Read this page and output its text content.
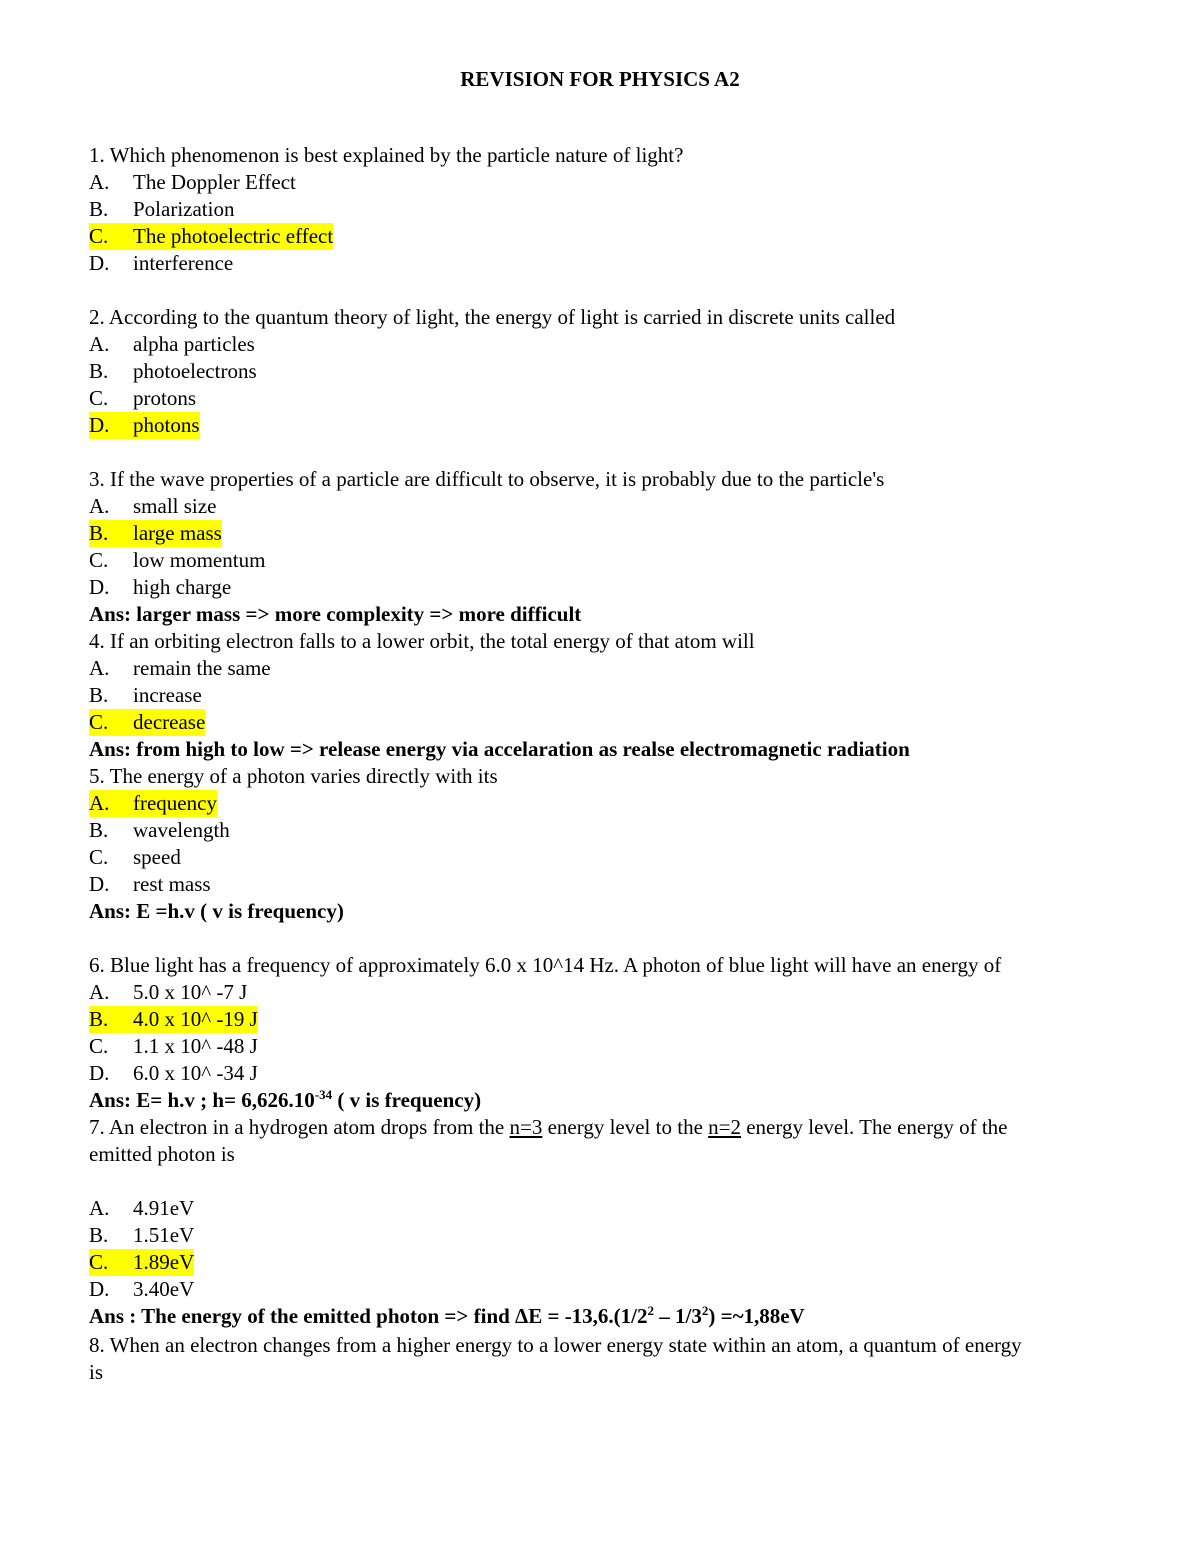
REVISION FOR PHYSICS A2
1. Which phenomenon is best explained by the particle nature of light?
A. The Doppler Effect
B. Polarization
C. The photoelectric effect
D. interference
2. According to the quantum theory of light, the energy of light is carried in discrete units called
A. alpha particles
B. photoelectrons
C. protons
D. photons
3. If the wave properties of a particle are difficult to observe, it is probably due to the particle's
A. small size
B. large mass
C. low momentum
D. high charge
Ans: larger mass => more complexity => more difficult
4. If an orbiting electron falls to a lower orbit, the total energy of that atom will
A. remain the same
B. increase
C. decrease
Ans: from high to low => release energy via accelaration as realse electromagnetic radiation
5. The energy of a photon varies directly with its
A. frequency
B. wavelength
C. speed
D. rest mass
Ans: E =h.v ( v is frequency)
6. Blue light has a frequency of approximately 6.0 x 10^14 Hz. A photon of blue light will have an energy of
A. 5.0 x 10^ -7 J
B. 4.0 x 10^ -19 J
C. 1.1 x 10^ -48 J
D. 6.0 x 10^ -34 J
Ans: E= h.v ; $h= 6,626.10^{-34}$ ( v is frequency)
7. An electron in a hydrogen atom drops from the n=3 energy level to the n=2 energy level. The energy of the
emitted photon is
A. 4.91eV
B. 1.51eV
C. 1.89eV
D. 3.40eV
Ans : The energy of the emitted photon => find $\Delta E = -13,6.(1/2^2 - 1/3^2)$ =~1,88eV
8. When an electron changes from a higher energy to a lower energy state within an atom, a quantum of energy
is
